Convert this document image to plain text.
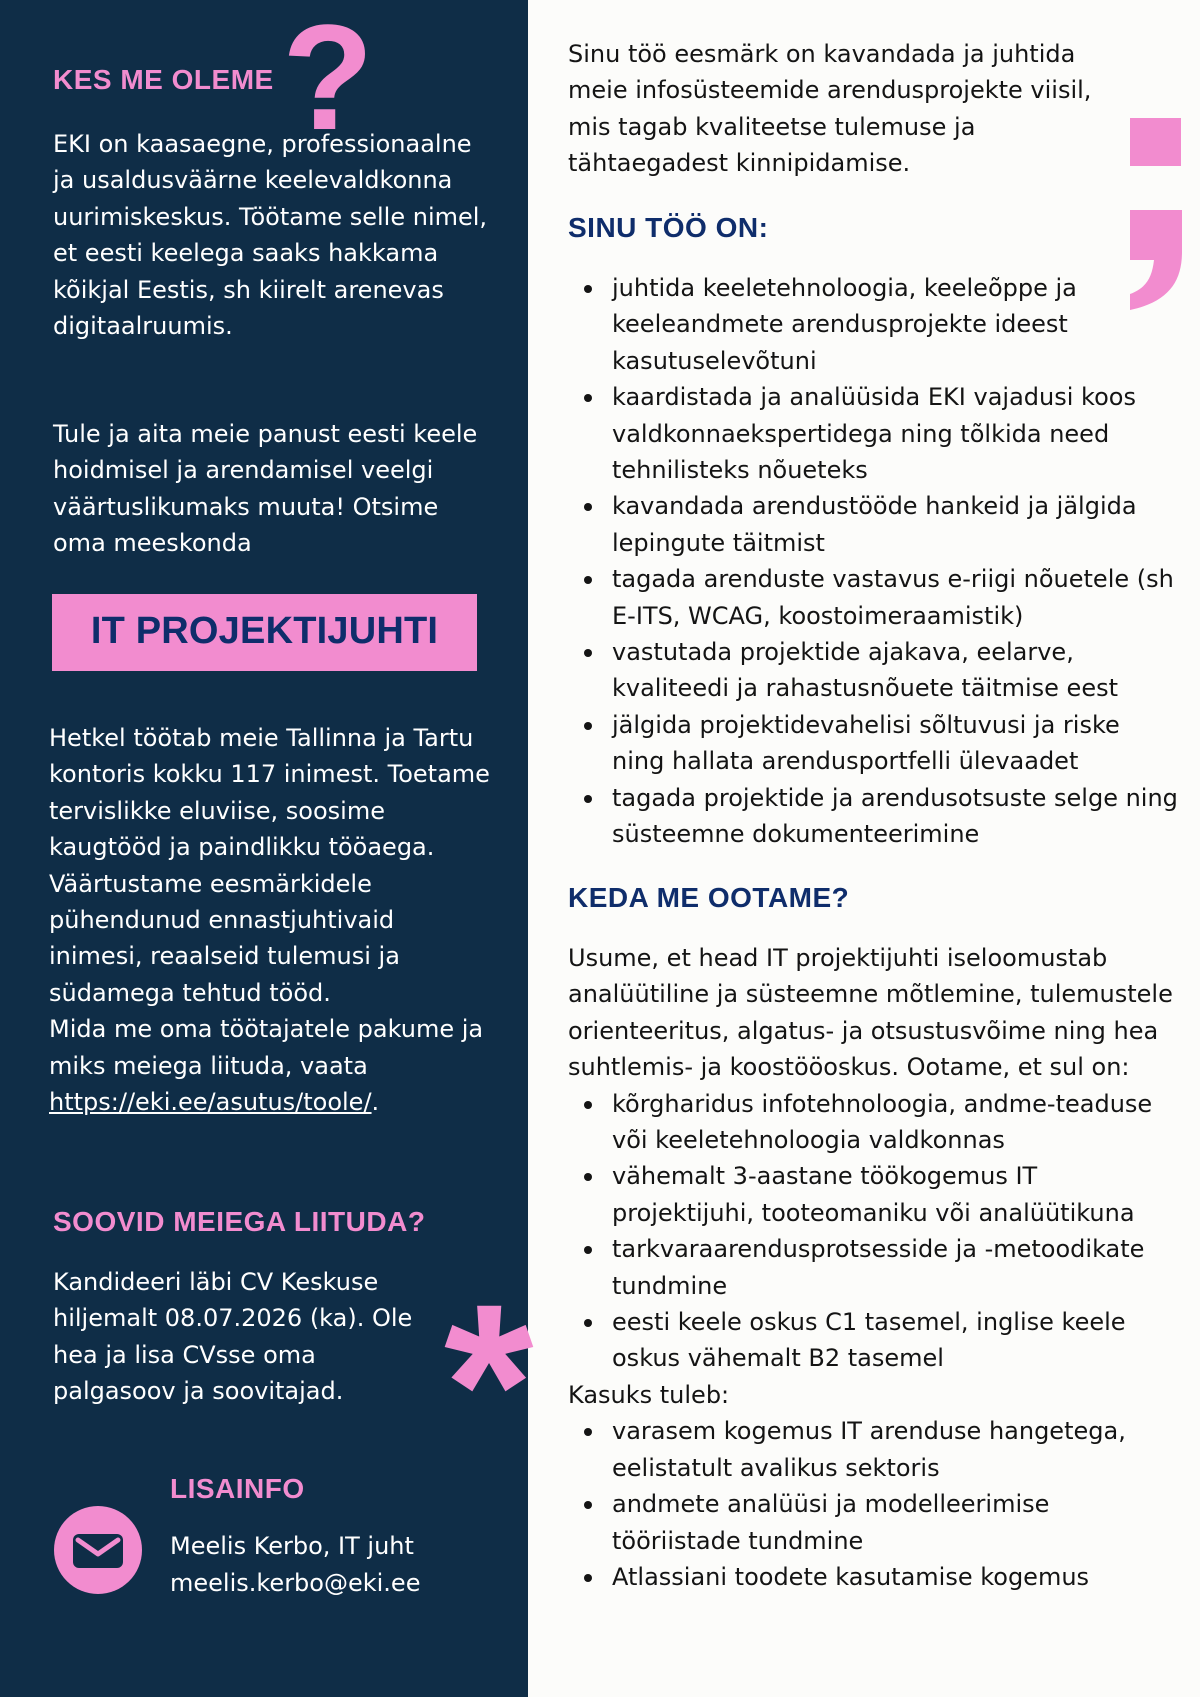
?
KES ME OLEME

EKI on kaasaegne, professionaalne ja usaldusväärne keelevaldkonna uurimiskeskus. Töötame selle nimel, et eesti keelega saaks hakkama kõikjal Eestis, sh kiirelt arenevas digitaalruumis.

Tule ja aita meie panust eesti keele hoidmisel ja arendamisel veelgi väärtuslikumaks muuta! Otsime oma meeskonda

IT PROJEKTIJUHTI

Hetkel töötab meie Tallinna ja Tartu kontoris kokku 117 inimest. Toetame tervislikke eluviise, soosime kaugtööd ja paindlikku tööaega.

Väärtustame eesmärkidele pühendunud ennastjuhtivaid inimesi, reaalseid tulemusi ja südamega tehtud tööd.

Mida me oma töötajatele pakume ja miks meiega liituda, vaata https://eki.ee/asutus/toole/.

SOOVID MEIEGA LIITUDA?

Kandideeri läbi CV Keskuse hiljemalt 08.07.2026 (ka). Ole hea ja lisa CVsse oma palgasoov ja soovitajad.

LISAINFO

Meelis Kerbo, IT juht

meelis.kerbo@eki.ee

Sinu töö eesmärk on kavandada ja juhtida meie infosüsteemide arendusprojekte viisil, mis tagab kvaliteetse tulemuse ja tähtaegadest kinnipidamise.

SINU TÖÖ ON:
juhtida keeletehnoloogia, keeleõppe ja keeleandmete arendusprojekte ideest kasutuselevõtuni
kaardistada ja analüüsida EKI vajadusi koos valdkonnaekspertidega ning tõlkida need tehnilisteks nõueteks
kavandada arendustööde hankeid ja jälgida lepingute täitmist
tagada arenduste vastavus e-riigi nõuetele (sh E-ITS, WCAG, koostoimeraamistik)
vastutada projektide ajakava, eelarve, kvaliteedi ja rahastusnõuete täitmise eest
jälgida projektidevahelisi sõltuvusi ja riske ning hallata arendusportfelli ülevaadet
tagada projektide ja arendusotsuste selge ning süsteemne dokumenteerimine
KEDA ME OOTAME?

Usume, et head IT projektijuhti iseloomustab analüütiline ja süsteemne mõtlemine, tulemustele orienteeritus, algatus- ja otsustusvõime ning hea suhtlemis- ja koostööoskus. Ootame, et sul on:

kõrgharidus infotehnoloogia, andme-teaduse või keeletehnoloogia valdkonnas
vähemalt 3-aastane töökogemus IT projektijuhi, tooteomaniku või analüütikuna
tarkvaraarendusprotsesside ja -metoodikate tundmine
eesti keele oskus C1 tasemel, inglise keele oskus vähemalt B2 tasemel

Kasuks tuleb:

varasem kogemus IT arenduse hangetega, eelistatult avalikus sektoris
andmete analüüsi ja modelleerimise tööriistade tundmine
Atlassiani toodete kasutamise kogemus
*
